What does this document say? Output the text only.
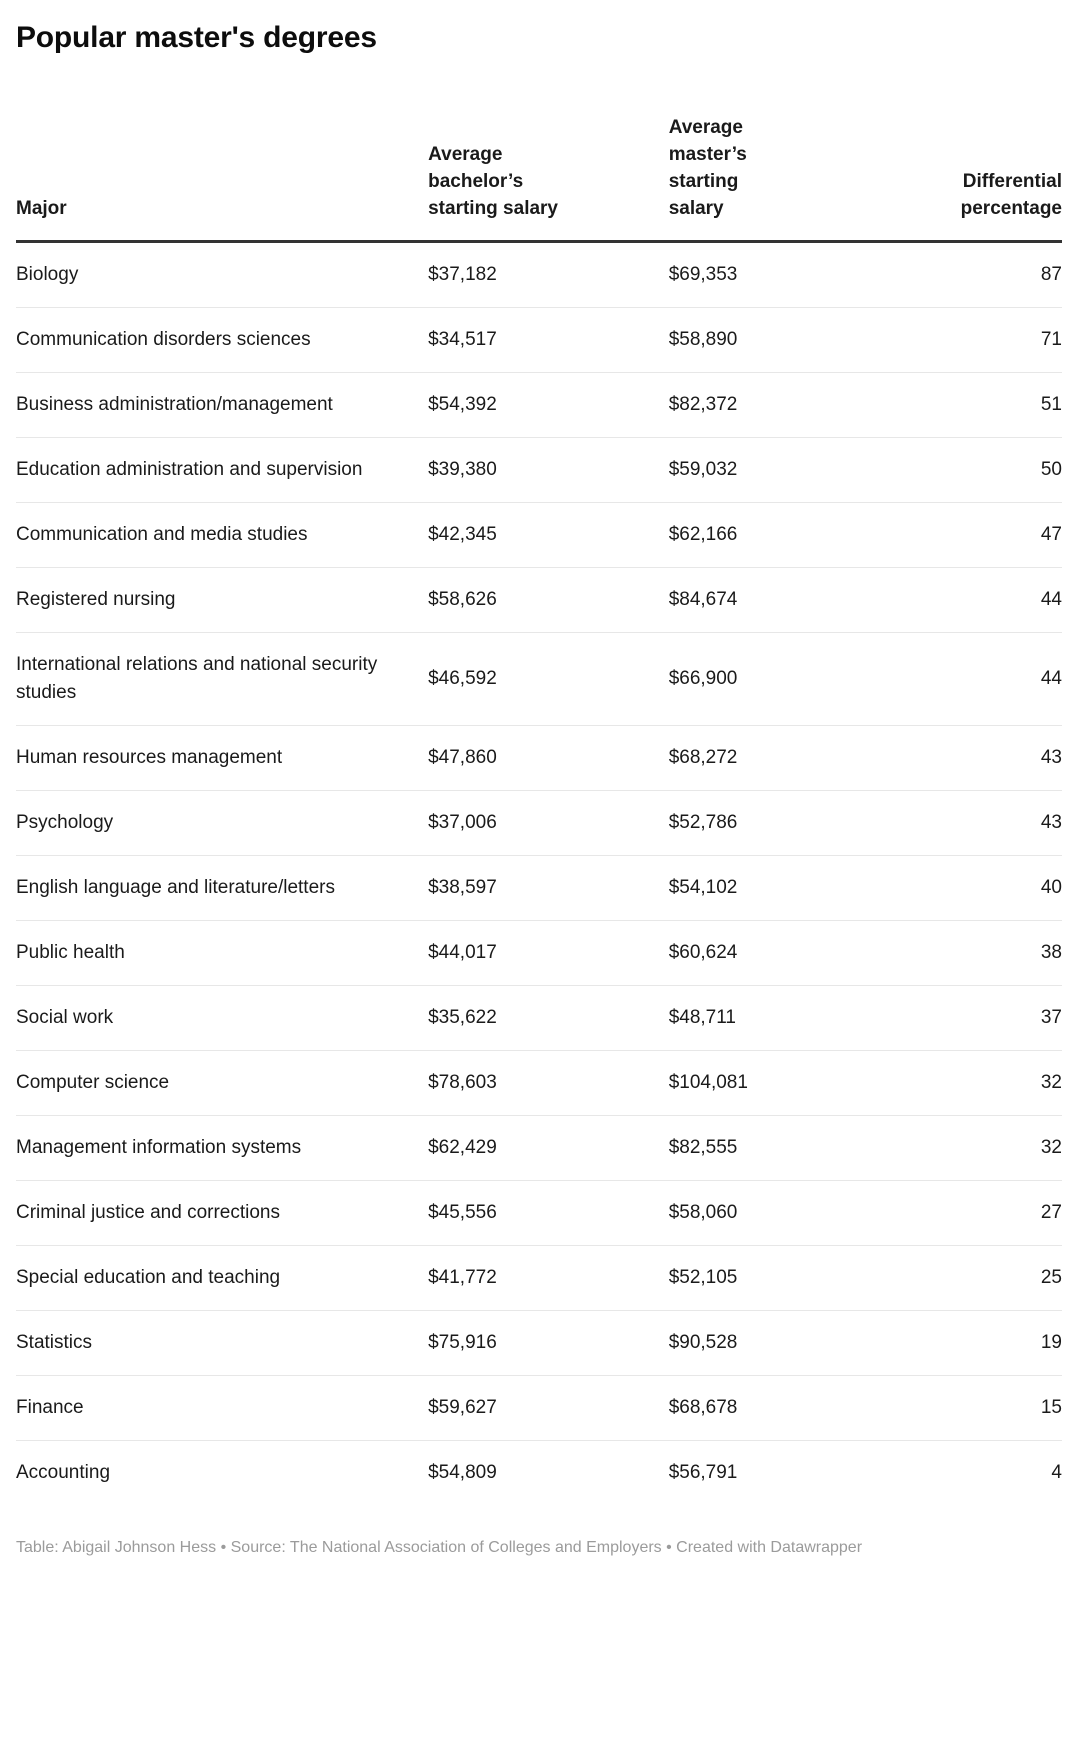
Popular master's degrees
Major	Average bachelor’s starting salary	Average master’s starting salary	Differential percentage

Biology	$37,182	$69,353	87
Communication disorders sciences	$34,517	$58,890	71
Business administration/management	$54,392	$82,372	51
Education administration and supervision	$39,380	$59,032	50
Communication and media studies	$42,345	$62,166	47
Registered nursing	$58,626	$84,674	44
International relations and national security studies	$46,592	$66,900	44
Human resources management	$47,860	$68,272	43
Psychology	$37,006	$52,786	43
English language and literature/letters	$38,597	$54,102	40
Public health	$44,017	$60,624	38
Social work	$35,622	$48,711	37
Computer science	$78,603	$104,081	32
Management information systems	$62,429	$82,555	32
Criminal justice and corrections	$45,556	$58,060	27
Special education and teaching	$41,772	$52,105	25
Statistics	$75,916	$90,528	19
Finance	$59,627	$68,678	15
Accounting	$54,809	$56,791	4
Table: Abigail Johnson Hess • Source: The National Association of Colleges and Employers • Created with Datawrapper
